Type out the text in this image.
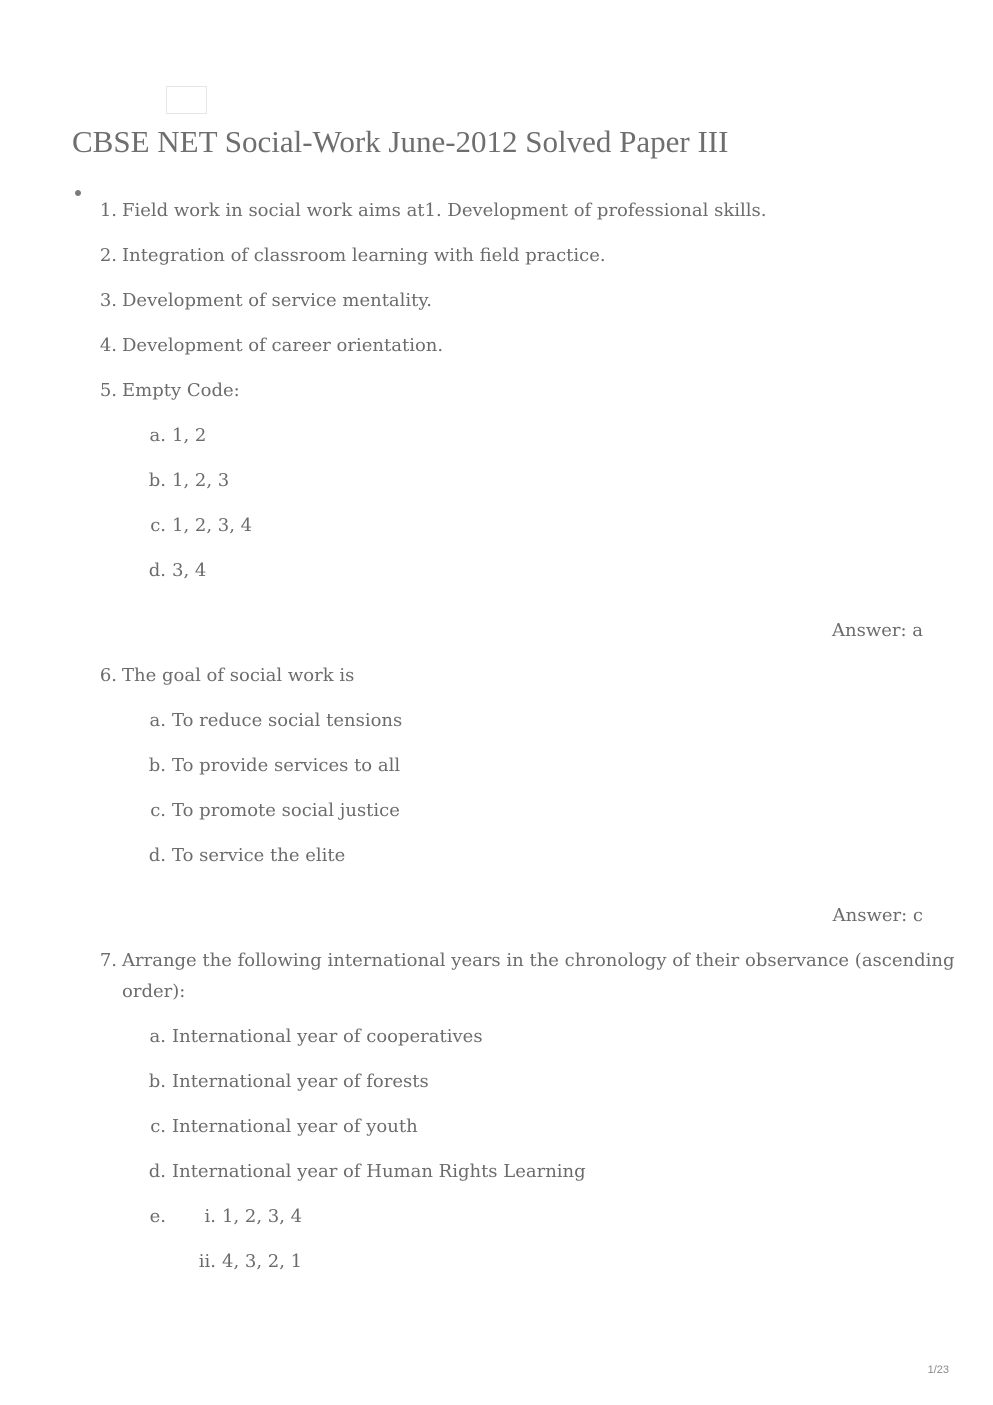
CBSE NET Social-Work June-2012 Solved Paper III
1. Field work in social work aims at1. Development of professional skills.
2. Integration of classroom learning with field practice.
3. Development of service mentality.
4. Development of career orientation.
5. Empty Code:
a. 1, 2
b. 1, 2, 3
c. 1, 2, 3, 4
d. 3, 4
Answer: a
6. The goal of social work is
a. To reduce social tensions
b. To provide services to all
c. To promote social justice
d. To service the elite
Answer: c
7. Arrange the following international years in the chronology of their observance (ascending
order):
a. International year of cooperatives
b. International year of forests
c. International year of youth
d. International year of Human Rights Learning
e.	i. 1, 2, 3, 4
ii. 4, 3, 2, 1
1/23
